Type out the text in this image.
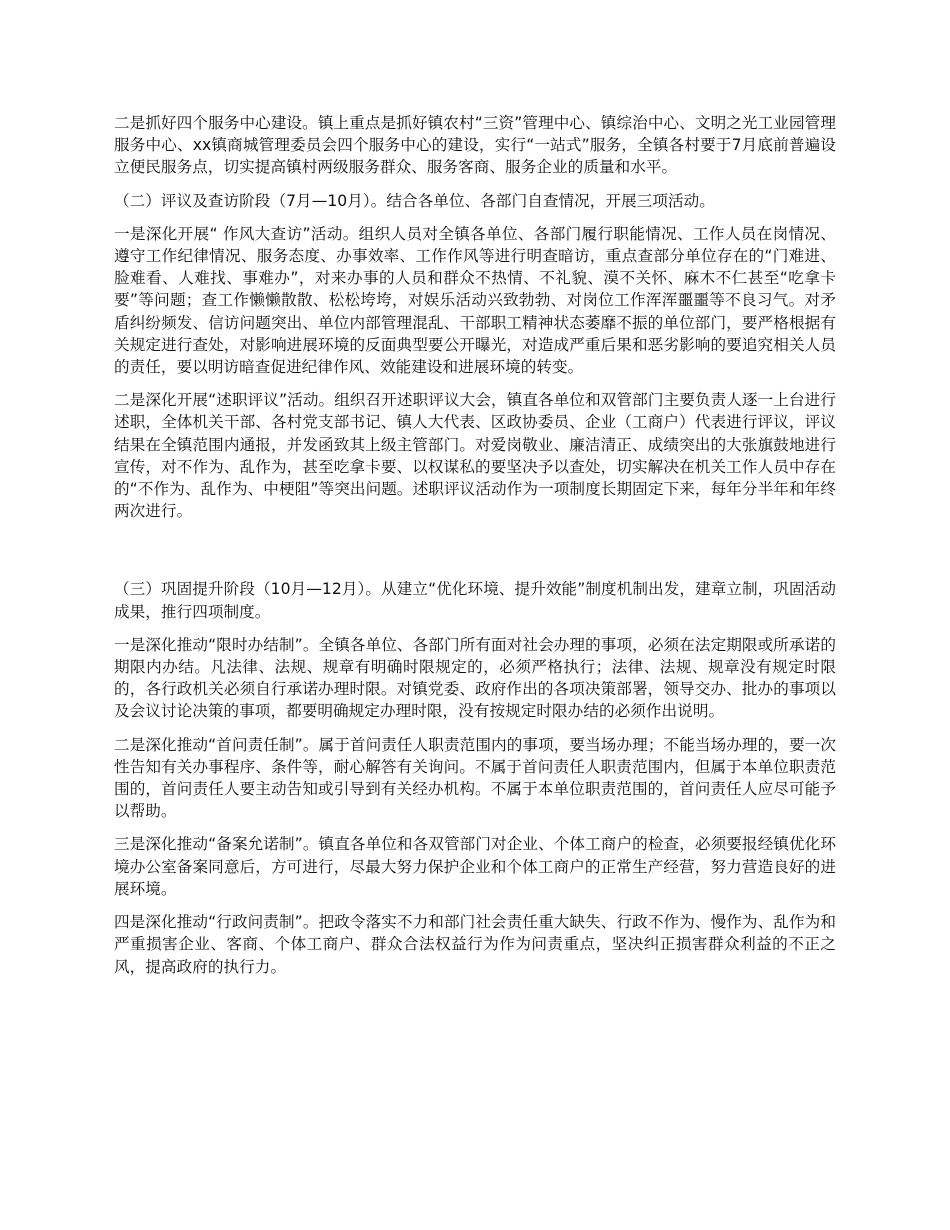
二是抓好四个服务中心建设。镇上重点是抓好镇农村“三资”管理中心、镇综治中心、文明之光工业园管理服务中心、xx镇商城管理委员会四个服务中心的建设，实行“一站式”服务，全镇各村要于7月底前普遍设立便民服务点，切实提高镇村两级服务群众、服务客商、服务企业的质量和水平。

（二）评议及查访阶段（7月—10月）。结合各单位、各部门自查情况，开展三项活动。

一是深化开展“ 作风大查访”活动。组织人员对全镇各单位、各部门履行职能情况、工作人员在岗情况、遵守工作纪律情况、服务态度、办事效率、工作作风等进行明查暗访，重点查部分单位存在的“门难进、脸难看、人难找、事难办”，对来办事的人员和群众不热情、不礼貌、漠不关怀、麻木不仁甚至“吃拿卡要”等问题；查工作懒懒散散、松松垮垮，对娱乐活动兴致勃勃、对岗位工作浑浑噩噩等不良习气。对矛盾纠纷频发、信访问题突出、单位内部管理混乱、干部职工精神状态萎靡不振的单位部门，要严格根据有关规定进行查处，对影响进展环境的反面典型要公开曝光，对造成严重后果和恶劣影响的要追究相关人员的责任，要以明访暗查促进纪律作风、效能建设和进展环境的转变。

二是深化开展“述职评议”活动。组织召开述职评议大会，镇直各单位和双管部门主要负责人逐一上台进行述职，全体机关干部、各村党支部书记、镇人大代表、区政协委员、企业（工商户）代表进行评议，评议结果在全镇范围内通报，并发函致其上级主管部门。对爱岗敬业、廉洁清正、成绩突出的大张旗鼓地进行宣传，对不作为、乱作为，甚至吃拿卡要、以权谋私的要坚决予以查处，切实解决在机关工作人员中存在的“不作为、乱作为、中梗阻”等突出问题。述职评议活动作为一项制度长期固定下来，每年分半年和年终两次进行。

（三）巩固提升阶段（10月—12月）。从建立“优化环境、提升效能”制度机制出发，建章立制，巩固活动成果，推行四项制度。

一是深化推动“限时办结制”。全镇各单位、各部门所有面对社会办理的事项，必须在法定期限或所承诺的期限内办结。凡法律、法规、规章有明确时限规定的，必须严格执行；法律、法规、规章没有规定时限的，各行政机关必须自行承诺办理时限。对镇党委、政府作出的各项决策部署，领导交办、批办的事项以及会议讨论决策的事项，都要明确规定办理时限，没有按规定时限办结的必须作出说明。

二是深化推动“首问责任制”。属于首问责任人职责范围内的事项，要当场办理；不能当场办理的，要一次性告知有关办事程序、条件等，耐心解答有关询问。不属于首问责任人职责范围内，但属于本单位职责范围的，首问责任人要主动告知或引导到有关经办机构。不属于本单位职责范围的，首问责任人应尽可能予以帮助。

三是深化推动“备案允诺制”。镇直各单位和各双管部门对企业、个体工商户的检查，必须要报经镇优化环境办公室备案同意后，方可进行，尽最大努力保护企业和个体工商户的正常生产经营，努力营造良好的进展环境。

四是深化推动“行政问责制”。把政令落实不力和部门社会责任重大缺失、行政不作为、慢作为、乱作为和严重损害企业、客商、个体工商户、群众合法权益行为作为问责重点，坚决纠正损害群众利益的不正之风，提高政府的执行力。
